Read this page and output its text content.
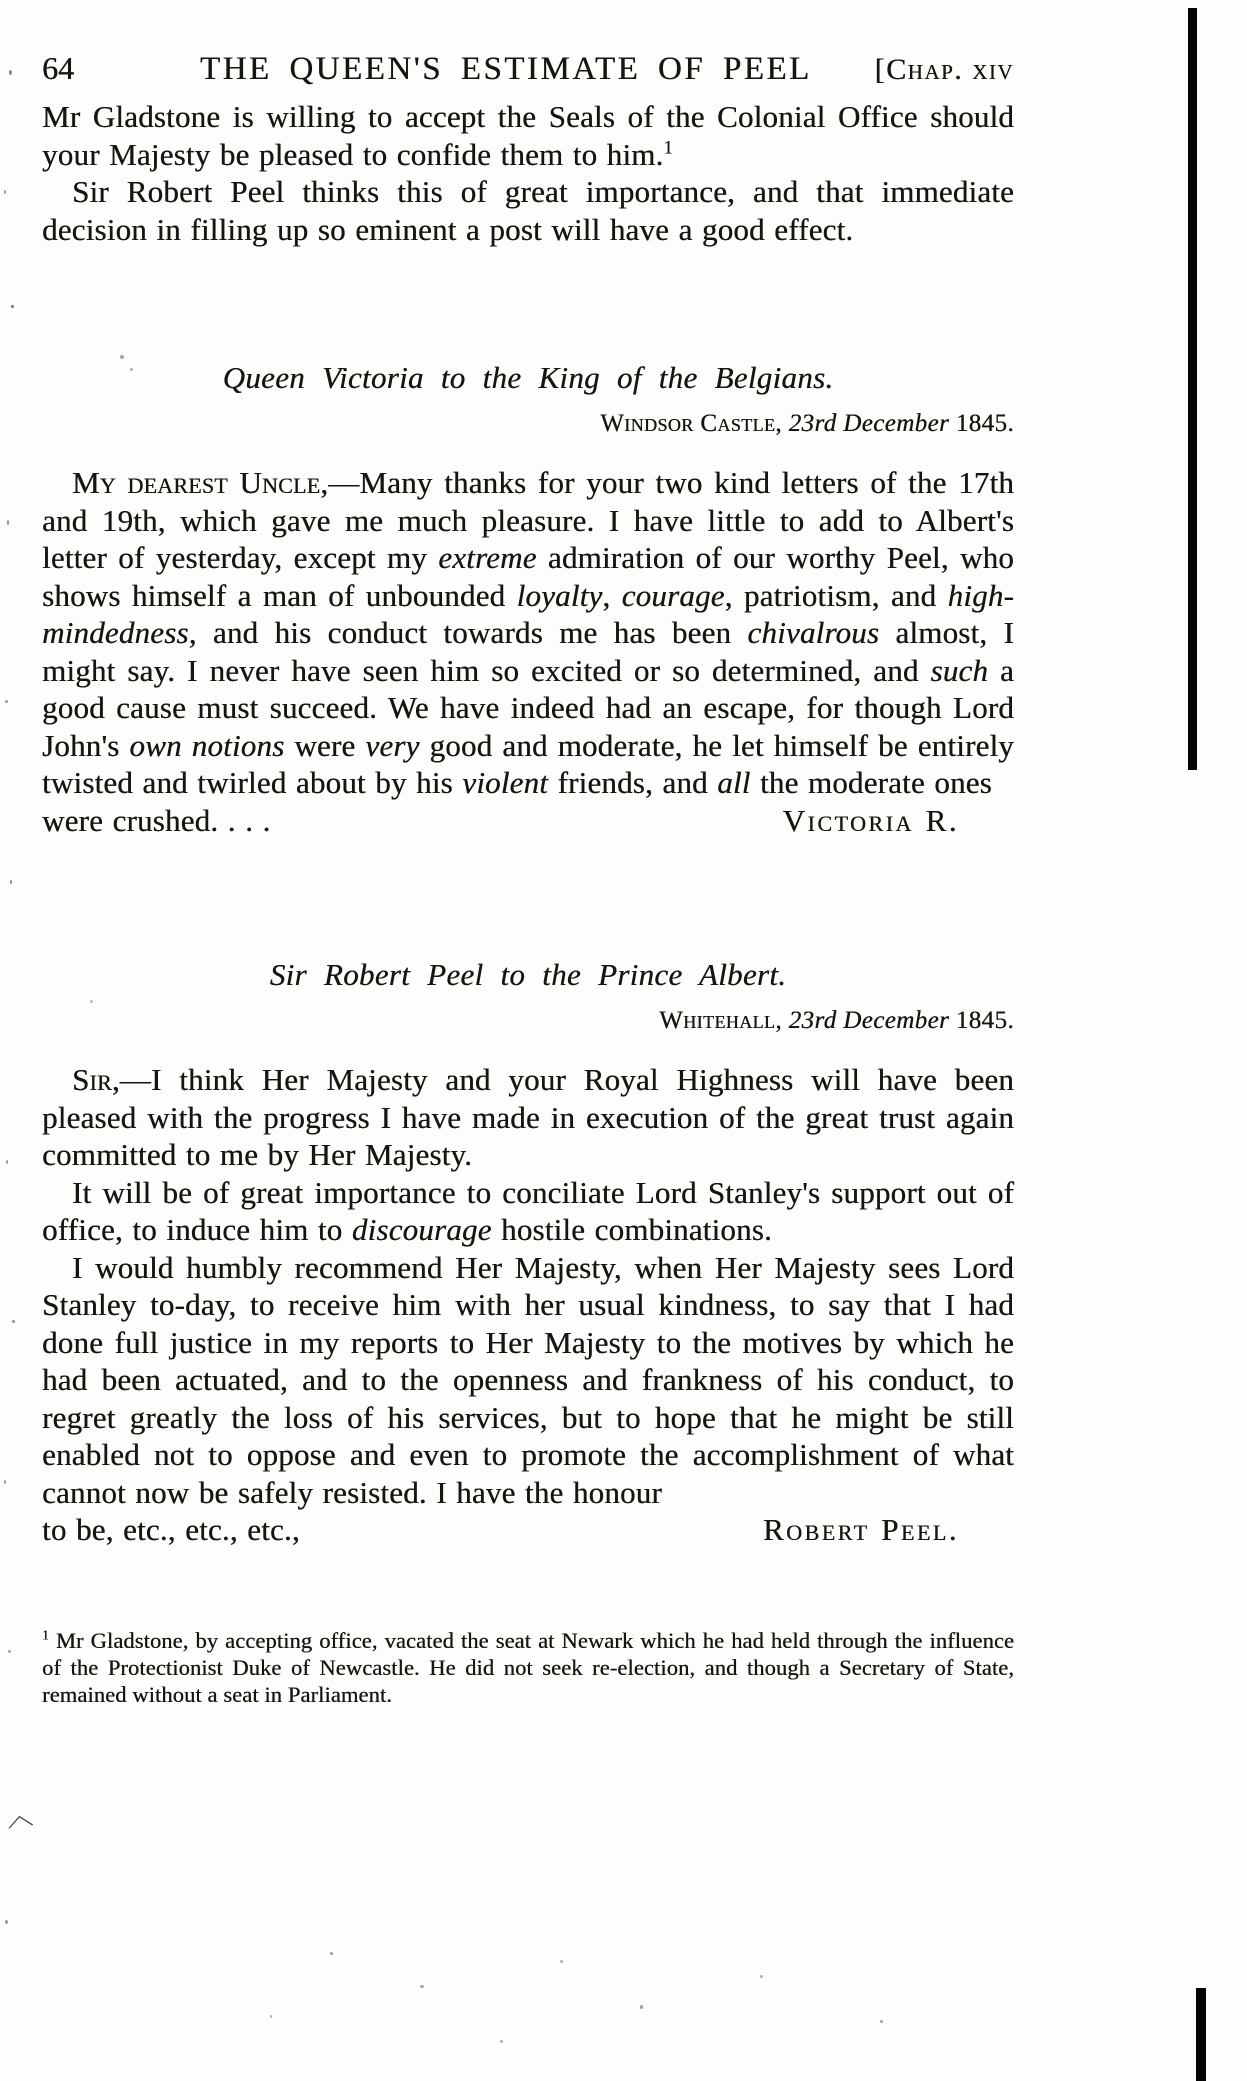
64	THE QUEEN'S ESTIMATE OF PEEL	[Chap. xiv

Mr Gladstone is willing to accept the Seals of the Colonial Office should your Majesty be pleased to confide them to him.$^1$

Sir Robert Peel thinks this of great importance, and that immediate decision in filling up so eminent a post will have a good effect.

Queen Victoria to the King of the Belgians.
Windsor Castle, 23rd December 1845.

My dearest Uncle,—Many thanks for your two kind letters of the 17th and 19th, which gave me much pleasure. I have little to add to Albert's letter of yesterday, except my extreme admiration of our worthy Peel, who shows himself a man of unbounded loyalty, courage, patriotism, and high-mindedness, and his conduct towards me has been chivalrous almost, I might say. I never have seen him so excited or so determined, and such a good cause must succeed. We have indeed had an escape, for though Lord John's own notions were very good and moderate, he let himself be entirely twisted and twirled about by his violent friends, and all the moderate ones

were crushed. . . .	Victoria R.
Sir Robert Peel to the Prince Albert.
Whitehall, 23rd December 1845.

Sir,—I think Her Majesty and your Royal Highness will have been pleased with the progress I have made in execution of the great trust again committed to me by Her Majesty.

It will be of great importance to conciliate Lord Stanley's support out of office, to induce him to discourage hostile combinations.

I would humbly recommend Her Majesty, when Her Majesty sees Lord Stanley to-day, to receive him with her usual kindness, to say that I had done full justice in my reports to Her Majesty to the motives by which he had been actuated, and to the openness and frankness of his conduct, to regret greatly the loss of his services, but to hope that he might be still enabled not to oppose and even to promote the accomplishment of what cannot now be safely resisted. I have the honour

to be, etc., etc., etc.,	Robert Peel.

$^1$ Mr Gladstone, by accepting office, vacated the seat at Newark which he had held through the influence of the Protectionist Duke of Newcastle. He did not seek re-election, and though a Secretary of State, remained without a seat in Parliament.

︿
